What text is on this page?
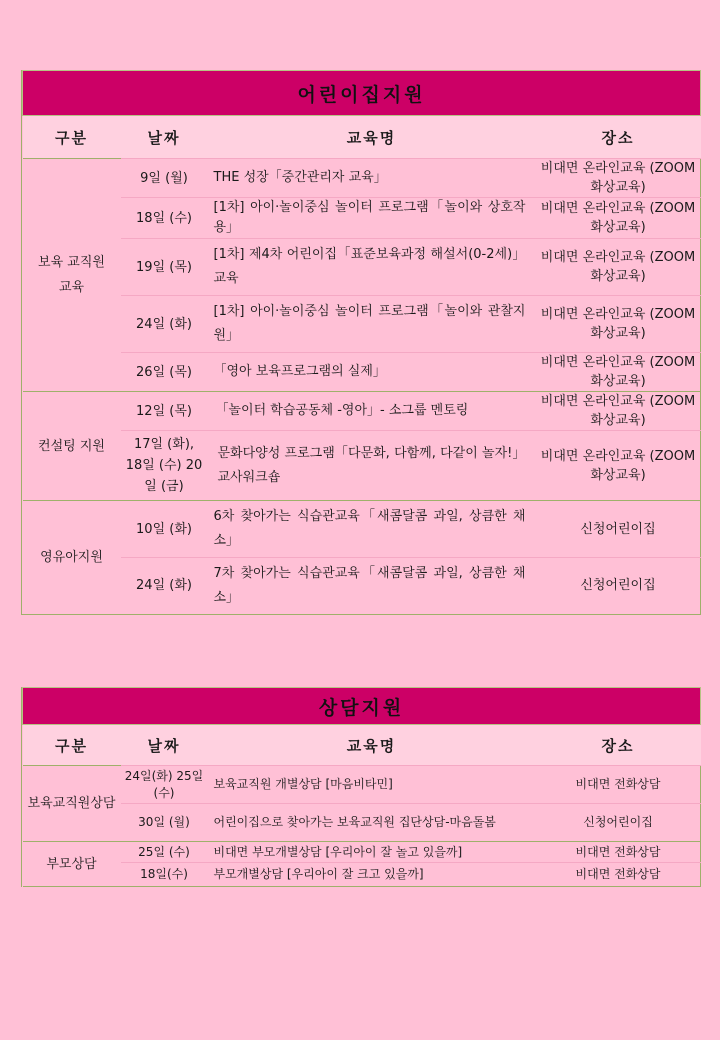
어린이집지원			
구분	날짜	교육명	장소
보육 교직원 교육	9일 (월)	THE 성장「중간관리자 교육」	비대면 온라인교육 (ZOOM 화상교육)
	18일 (수)	[1차] 아이·놀이중심 놀이터 프로그램「놀이와 상호작용」	비대면 온라인교육 (ZOOM 화상교육)
	19일 (목)	[1차] 제4차 어린이집「표준보육과정 해설서(0-2세)」교육	비대면 온라인교육 (ZOOM 화상교육)
	24일 (화)	[1차] 아이·놀이중심 놀이터 프로그램「놀이와 관찰지원」	비대면 온라인교육 (ZOOM 화상교육)
	26일 (목)	「영아 보육프로그램의 실제」	비대면 온라인교육 (ZOOM 화상교육)
컨설팅 지원	12일 (목)	「놀이터 학습공동체 -영아」- 소그룹 멘토링	비대면 온라인교육 (ZOOM 화상교육)
	17일 (화), 18일 (수) 20일 (금)	문화다양성 프로그램「다문화, 다함께, 다같이 놀자!」교사워크숍	비대면 온라인교육 (ZOOM 화상교육)
영유아지원	10일 (화)	6차 찾아가는 식습관교육「새콤달콤 과일, 상큼한 채소」	신청어린이집
	24일 (화)	7차 찾아가는 식습관교육「새콤달콤 과일, 상큼한 채소」	신청어린이집
상담지원			
구분	날짜	교육명	장소
보육교직원상담	24일(화) 25일(수)	보육교직원 개별상담 [마음비타민]	비대면 전화상담
	30일 (월)	어린이집으로 찾아가는 보육교직원 집단상담-마음돌봄	신청어린이집
부모상담	25일 (수)	비대면 부모개별상담 [우리아이 잘 놀고 있을까]	비대면 전화상담
	18일(수)	부모개별상담 [우리아이 잘 크고 있을까]	비대면 전화상담
